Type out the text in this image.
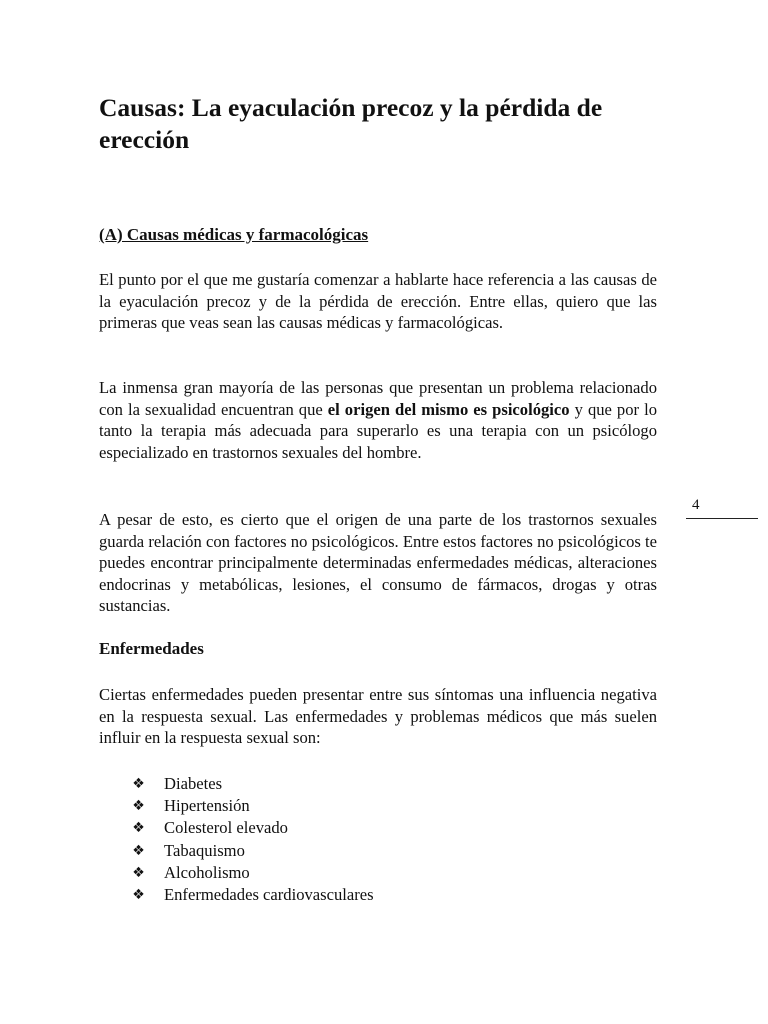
Causas: La eyaculación precoz y la pérdida de erección
(A) Causas médicas y farmacológicas

El punto por el que me gustaría comenzar a hablarte hace referencia a las causas de la eyaculación precoz y de la pérdida de erección. Entre ellas, quiero que las primeras que veas sean las causas médicas y farmacológicas.

La inmensa gran mayoría de las personas que presentan un problema relacionado con la sexualidad encuentran que el origen del mismo es psicológico y que por lo tanto la terapia más adecuada para superarlo es una terapia con un psicólogo especializado en trastornos sexuales del hombre.

A pesar de esto, es cierto que el origen de una parte de los trastornos sexuales guarda relación con factores no psicológicos. Entre estos factores no psicológicos te puedes encontrar principalmente determinadas enfermedades médicas, alteraciones endocrinas y metabólicas, lesiones, el consumo de fármacos, drogas y otras sustancias.

Enfermedades

Ciertas enfermedades pueden presentar entre sus síntomas una influencia negativa en la respuesta sexual. Las enfermedades y problemas médicos que más suelen influir en la respuesta sexual son:

❖ Diabetes
❖ Hipertensión
❖ Colesterol elevado
❖ Tabaquismo
❖ Alcoholismo
❖ Enfermedades cardiovasculares
4
